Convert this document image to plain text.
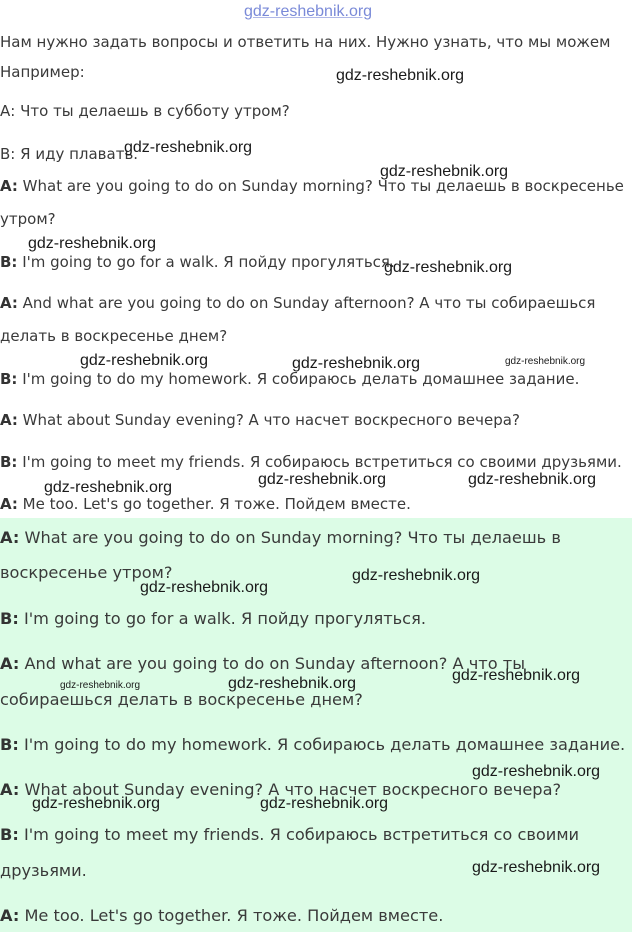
Нам нужно задать вопросы и ответить на них. Нужно узнать, что мы можем
Например:
А: Что ты делаешь в субботу утром?
В: Я иду плавать.
A: What are you going to do on Sunday morning? Что ты делаешь в воскресенье
утром?
B: I'm going to go for a walk. Я пойду прогуляться.
A: And what are you going to do on Sunday afternoon? А что ты собираешься
делать в воскресенье днем?
B: I'm going to do my homework. Я собираюсь делать домашнее задание.
A: What about Sunday evening? А что насчет воскресного вечера?
B: I'm going to meet my friends. Я собираюсь встретиться со своими друзьями.
A: Me too. Let's go together. Я тоже. Пойдем вместе.
A: What are you going to do on Sunday morning? Что ты делаешь в
воскресенье утром?
B: I'm going to go for a walk. Я пойду прогуляться.
A: And what are you going to do on Sunday afternoon? А что ты
собираешься делать в воскресенье днем?
B: I'm going to do my homework. Я собираюсь делать домашнее задание.
A: What about Sunday evening? А что насчет воскресного вечера?
B: I'm going to meet my friends. Я собираюсь встретиться со своими
друзьями.
A: Me too. Let's go together. Я тоже. Пойдем вместе.
gdz-reshebnik.org
gdz-reshebnik.org
gdz-reshebnik.org
gdz-reshebnik.org
gdz-reshebnik.org
gdz-reshebnik.org
gdz-reshebnik.org	gdz-reshebnik.org	gdz-reshebnik.org
gdz-reshebnik.org	gdz-reshebnik.org	gdz-reshebnik.org
gdz-reshebnik.org
gdz-reshebnik.org
gdz-reshebnik.org	gdz-reshebnik.org	gdz-reshebnik.org
gdz-reshebnik.org
gdz-reshebnik.org	gdz-reshebnik.org
gdz-reshebnik.org
